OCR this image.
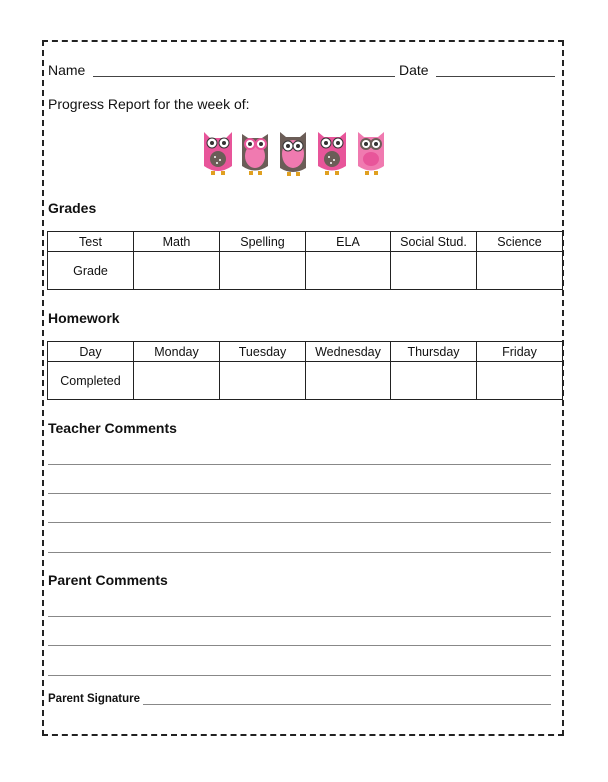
Name	Date
Progress Report for the week of:
Grades
Test	Math	Spelling	ELA	Social Stud.	Science
Grade					
Homework
Day	Monday	Tuesday	Wednesday	Thursday	Friday
Completed					
Teacher Comments
Parent Comments
Parent Signature
